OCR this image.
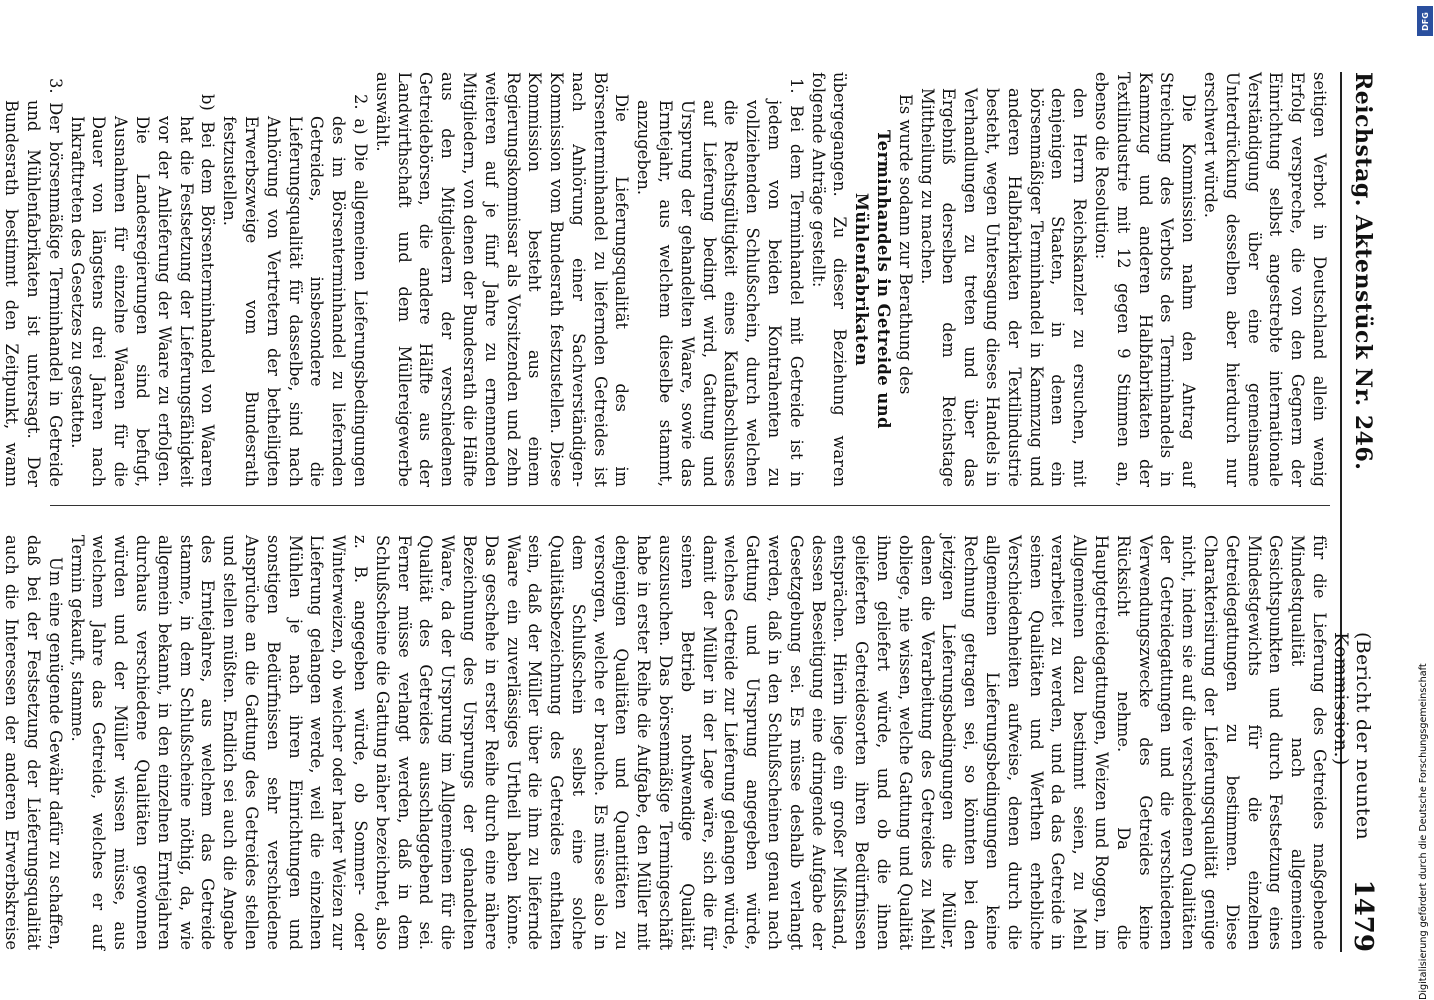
Reichstag. Aktenstück Nr. 246.
(Bericht der neunten Kommission.)
1479

seitigen Verbot in Deutschland allein wenig Erfolg verspreche, die von den Gegnern der Einrichtung selbst angestrebte internationale Verständigung über eine gemeinsame Unterdrückung desselben aber hierdurch nur erschwert würde.

Die Kommission nahm den Antrag auf Streichung des Verbots des Terminhandels in Kammzug und anderen Halbfabrikaten der Textilindustrie mit 12 gegen 9 Stimmen an, ebenso die Resolution:

den Herrn Reichskanzler zu ersuchen, mit denjenigen Staaten, in denen ein börsenmäßiger Terminhandel in Kammzug und anderen Halbfabrikaten der Textilindustrie besteht, wegen Untersagung dieses Handels in Verhandlungen zu treten und über das Ergebniß derselben dem Reichstage Mittheilung zu machen.

Es wurde sodann zur Berathung des

Terminhandels in Getreide und Mühlenfabrikaten

übergegangen. Zu dieser Beziehung waren folgende Anträge gestellt:

1. Bei dem Terminhandel mit Getreide ist in jedem von beiden Kontrahenten zu vollziehenden Schlußschein, durch welchen die Rechtsgültigkeit eines Kaufabschlusses auf Lieferung bedingt wird, Gattung und Ursprung der gehandelten Waare, sowie das Erntejahr, aus welchem dieselbe stammt, anzugeben.

Die Lieferungsqualität des im Börsenterminhandel zu liefernden Getreides ist nach Anhörung einer Sachverständigen-Kommission vom Bundesrath festzustellen. Diese Kommission besteht aus einem Regierungskommissar als Vorsitzenden und zehn weiteren auf je fünf Jahre zu ernennenden Mitgliedern, von denen der Bundesrath die Hälfte aus den Mitgliedern der verschiedenen Getreidebörsen, die andere Hälfte aus der Landwirthschaft und dem Müllereigewerbe auswählt.

2. a) Die allgemeinen Lieferungsbedingungen des im Börsenterminhandel zu liefernden Getreides, insbesondere die Lieferungsqualität für dasselbe, sind nach Anhörung von Vertretern der betheiligten Erwerbszweige vom Bundesrath festzustellen.

b) Bei dem Börsenterminhandel von Waaren hat die Festsetzung der Lieferungsfähigkeit vor der Anlieferung der Waare zu erfolgen. Die Landesregierungen sind befugt, Ausnahmen für einzelne Waaren für die Dauer von längstens drei Jahren nach Inkrafttreten des Gesetzes zu gestatten.

3. Der börsenmäßige Terminhandel in Getreide und Mühlenfabrikaten ist untersagt. Der Bundesrath bestimmt den Zeitpunkt, wann

für die Lieferung des Getreides maßgebende Mindestqualität nach allgemeinen Gesichtspunkten und durch Festsetzung eines Mindestgewichts für die einzelnen Getreidegattungen zu bestimmen. Diese Charakterisirung der Lieferungsqualität genüge nicht, indem sie auf die verschiedenen Qualitäten der Getreidegattungen und die verschiedenen Verwendungszwecke des Getreides keine Rücksicht nehme. Da die Hauptgetreidegattungen, Weizen und Roggen, im Allgemeinen dazu bestimmt seien, zu Mehl verarbeitet zu werden, und da das Getreide in seinen Qualitäten und Werthen erhebliche Verschiedenheiten aufweise, denen durch die allgemeinen Lieferungsbedingungen keine Rechnung getragen sei, so könnten bei den jetzigen Lieferungsbedingungen die Müller, denen die Verarbeitung des Getreides zu Mehl obliege, nie wissen, welche Gattung und Qualität ihnen geliefert würde, und ob die ihnen gelieferten Getreidesorten ihren Bedürfnissen entsprächen. Hierin liege ein großer Mißstand, dessen Beseitigung eine dringende Aufgabe der Gesetzgebung sei. Es müsse deshalb verlangt werden, daß in den Schlußscheinen genau nach Gattung und Ursprung angegeben würde, welches Getreide zur Lieferung gelangen würde, damit der Müller in der Lage wäre, sich die für seinen Betrieb nothwendige Qualität auszusuchen. Das börsenmäßige Termingeschäft habe in erster Reihe die Aufgabe, den Müller mit denjenigen Qualitäten und Quantitäten zu versorgen, welche er brauche. Es müsse also in dem Schlußschein selbst eine solche Qualitätsbezeichnung des Getreides enthalten sein, daß der Müller über die ihm zu liefernde Waare ein zuverlässiges Urtheil haben könne. Das geschehe in erster Reihe durch eine nähere Bezeichnung des Ursprungs der gehandelten Waare, da der Ursprung im Allgemeinen für die Qualität des Getreides ausschlaggebend sei. Ferner müsse verlangt werden, daß in dem Schlußscheine die Gattung näher bezeichnet, also z. B. angegeben würde, ob Sommer- oder Winterweizen, ob weicher oder harter Weizen zur Lieferung gelangen werde, weil die einzelnen Mühlen je nach ihren Einrichtungen und sonstigen Bedürfnissen sehr verschiedene Ansprüche an die Gattung des Getreides stellen und stellen müßten. Endlich sei auch die Angabe des Erntejahres, aus welchem das Getreide stamme, in dem Schlußscheine nöthig, da, wie allgemein bekannt, in den einzelnen Erntejahren durchaus verschiedene Qualitäten gewonnen würden und der Müller wissen müsse, aus welchem Jahre das Getreide, welches er auf Termin gekauft, stamme.

Um eine genügende Gewähr dafür zu schaffen, daß bei der Festsetzung der Lieferungsqualität auch die Interessen der anderen Erwerbskreise

DFG
Digitalisierung gefördert durch die Deutsche Forschungsgemeinschaft
